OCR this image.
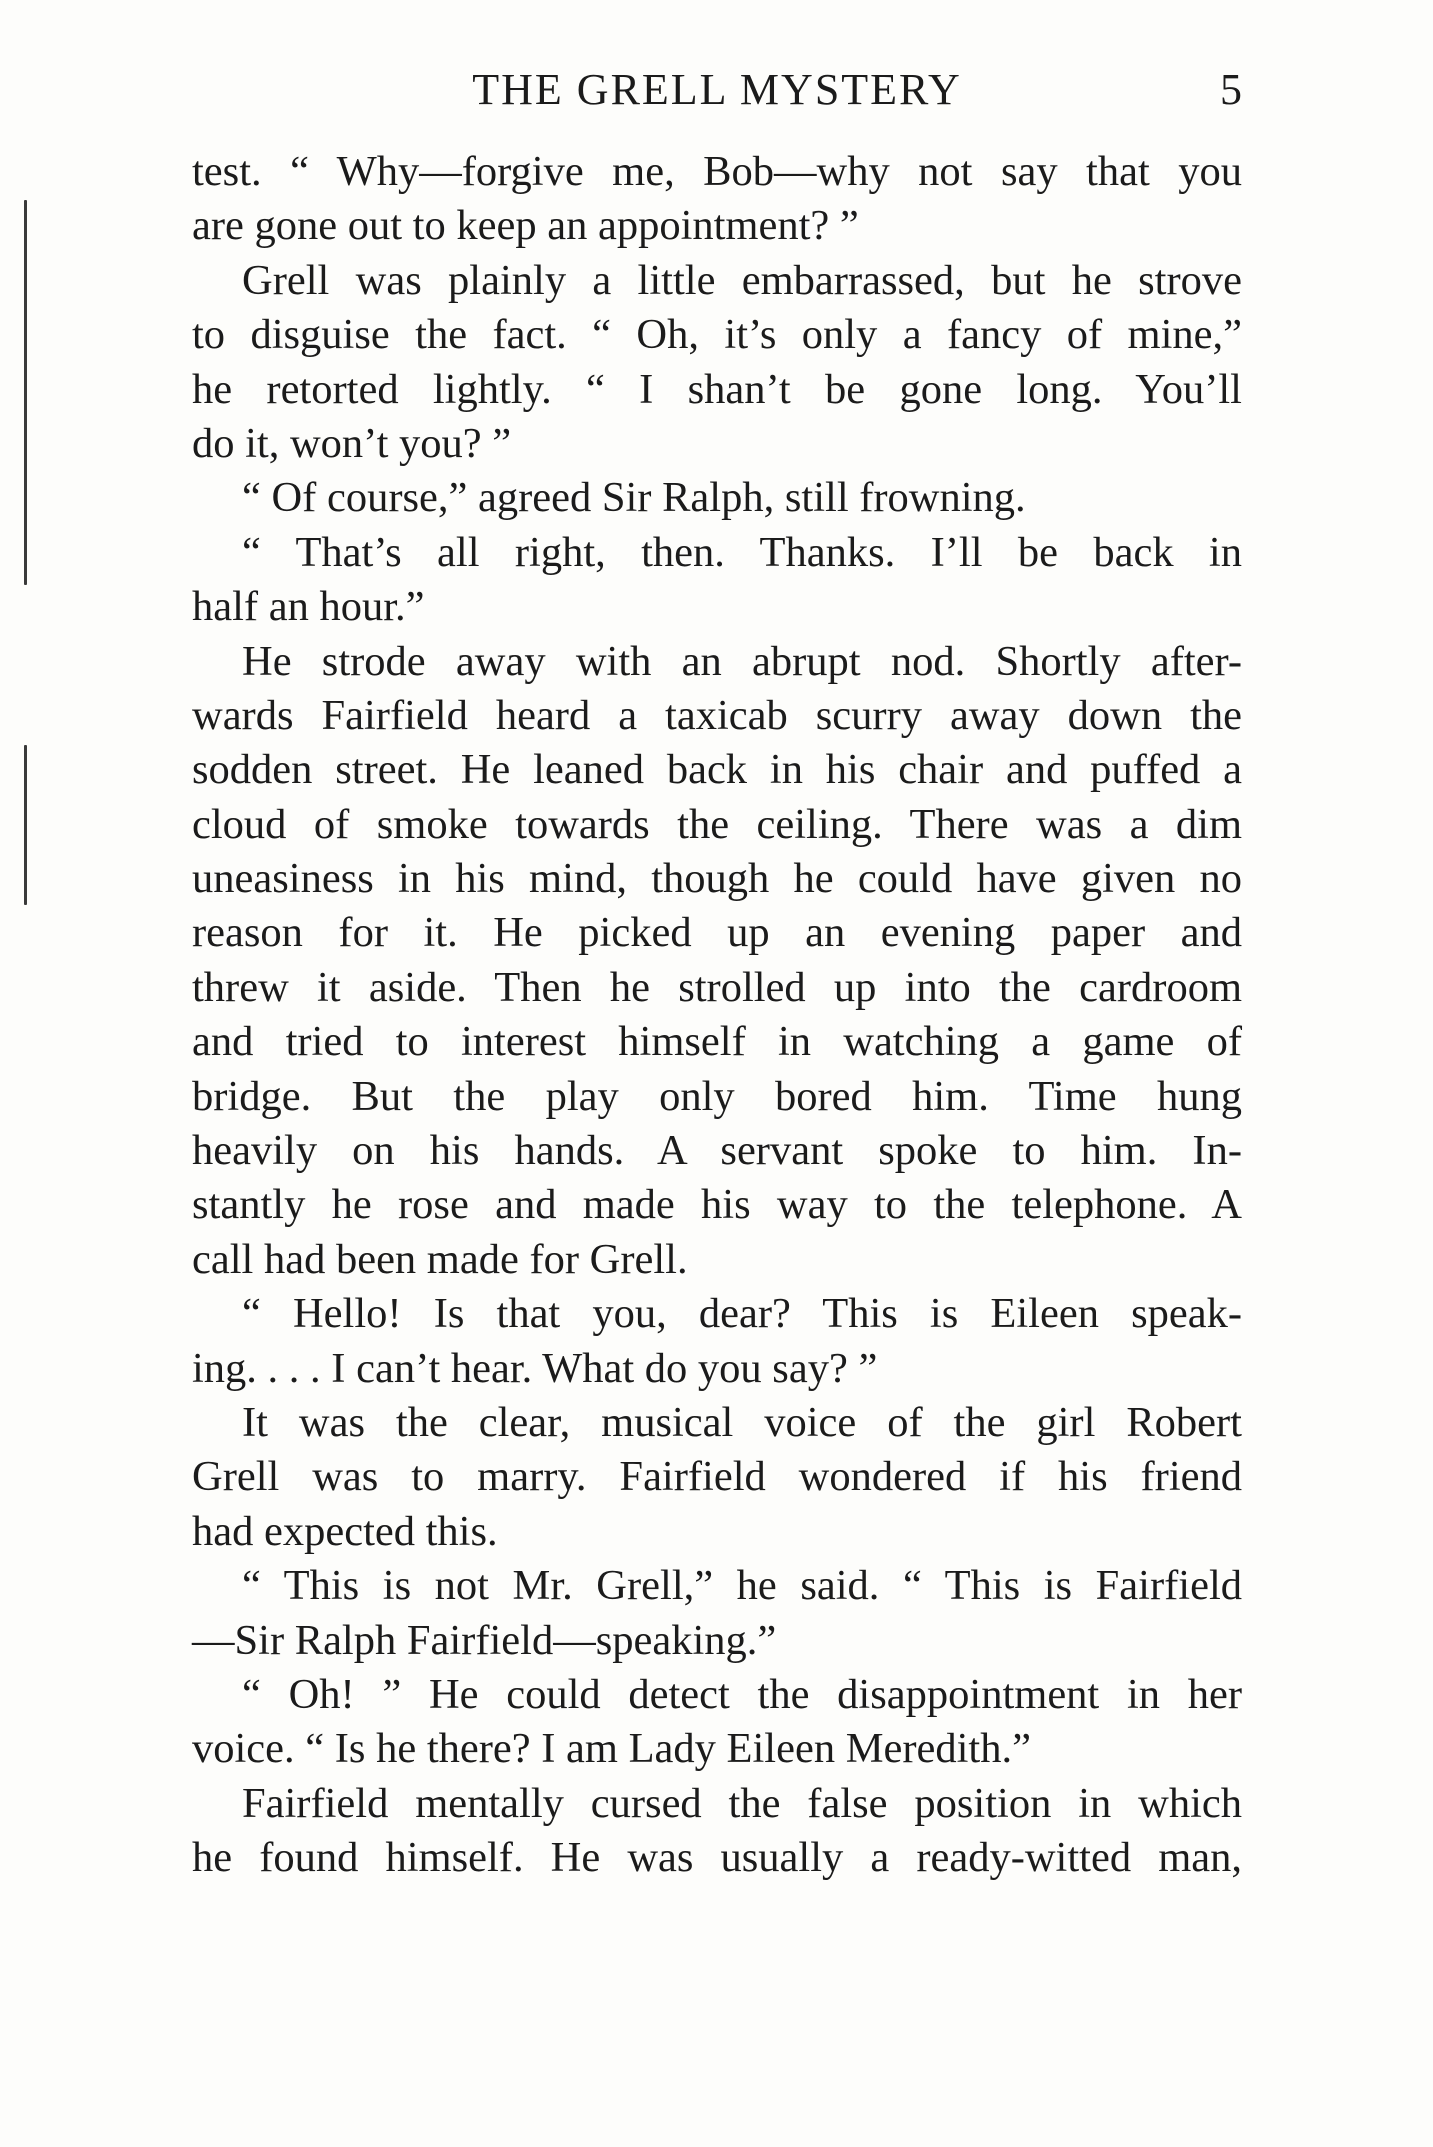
THE GRELL MYSTERY	5
test. “ Why—forgive me, Bob—why not say that you
are gone out to keep an appointment? ”
Grell was plainly a little embarrassed, but he strove
to disguise the fact. “ Oh, it’s only a fancy of mine,”
he retorted lightly. “ I shan’t be gone long. You’ll
do it, won’t you? ”
“ Of course,” agreed Sir Ralph, still frowning.
“ That’s all right, then. Thanks. I’ll be back in
half an hour.”
He strode away with an abrupt nod. Shortly after-
wards Fairfield heard a taxicab scurry away down the
sodden street. He leaned back in his chair and puffed a
cloud of smoke towards the ceiling. There was a dim
uneasiness in his mind, though he could have given no
reason for it. He picked up an evening paper and
threw it aside. Then he strolled up into the cardroom
and tried to interest himself in watching a game of
bridge. But the play only bored him. Time hung
heavily on his hands. A servant spoke to him. In-
stantly he rose and made his way to the telephone. A
call had been made for Grell.
“ Hello! Is that you, dear? This is Eileen speak-
ing. . . . I can’t hear. What do you say? ”
It was the clear, musical voice of the girl Robert
Grell was to marry. Fairfield wondered if his friend
had expected this.
“ This is not Mr. Grell,” he said. “ This is Fairfield
—Sir Ralph Fairfield—speaking.”
“ Oh! ” He could detect the disappointment in her
voice. “ Is he there? I am Lady Eileen Meredith.”
Fairfield mentally cursed the false position in which
he found himself. He was usually a ready-witted man,
